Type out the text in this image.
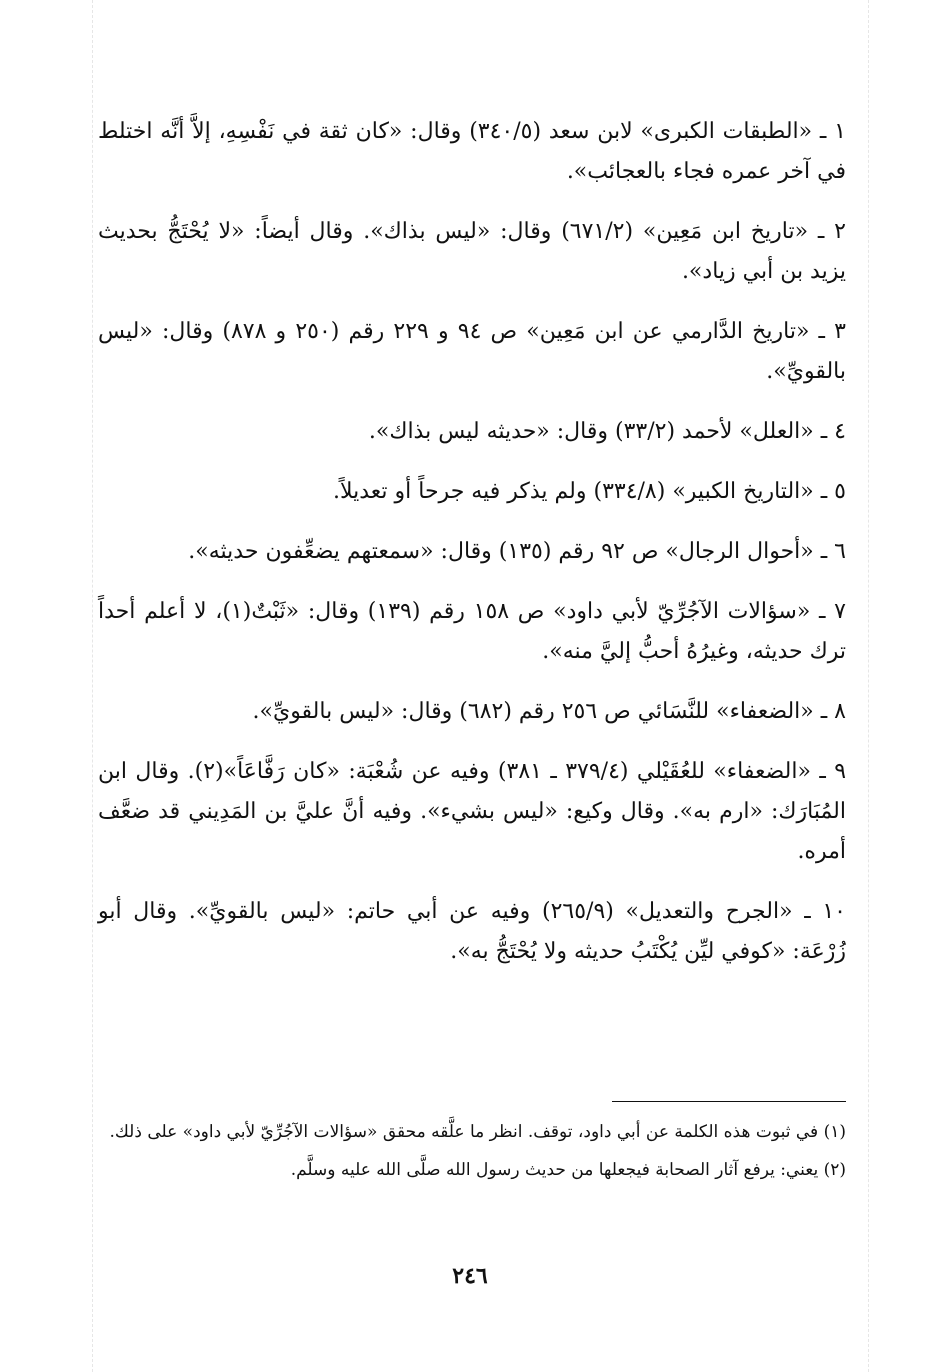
١ ـ «الطبقات الكبرى» لابن سعد (٣٤٠/٥) وقال: «كان ثقة في نَفْسِهِ، إلاَّ أنَّه اختلط في آخر عمره فجاء بالعجائب».

٢ ـ «تاريخ ابن مَعِين» (٦٧١/٢) وقال: «ليس بذاك». وقال أيضاً: «لا يُحْتَجُّ بحديث يزيد بن أبي زياد».

٣ ـ «تاريخ الدَّارمي عن ابن مَعِين» ص ٩٤ و ٢٢٩ رقم (٢٥٠ و ٨٧٨) وقال: «ليس بالقويِّ».

٤ ـ «العلل» لأحمد (٣٣/٢) وقال: «حديثه ليس بذاك».

٥ ـ «التاريخ الكبير» (٣٣٤/٨) ولم يذكر فيه جرحاً أو تعديلاً.

٦ ـ «أحوال الرجال» ص ٩٢ رقم (١٣٥) وقال: «سمعتهم يضعِّفون حديثه».

٧ ـ «سؤالات الآجُرِّيّ لأبي داود» ص ١٥٨ رقم (١٣٩) وقال: «ثَبْتٌ(١)، لا أعلم أحداً ترك حديثه، وغيرُهُ أحبُّ إليَّ منه».

٨ ـ «الضعفاء» للنَّسَائي ص ٢٥٦ رقم (٦٨٢) وقال: «ليس بالقويِّ».

٩ ـ «الضعفاء» للعُقَيْلي (٣٧٩/٤ ـ ٣٨١) وفيه عن شُعْبَة: «كان رَفَّاعَاً»(٢). وقال ابن المُبَارَك: «ارم به». وقال وكيع: «ليس بشيء». وفيه أنَّ عليَّ بن المَدِيني قد ضعَّف أمره.

١٠ ـ «الجرح والتعديل» (٢٦٥/٩) وفيه عن أبي حاتم: «ليس بالقويِّ». وقال أبو زُرْعَة: «كوفي ليِّن يُكْتَبُ حديثه ولا يُحْتَجُّ به».

(١) في ثبوت هذه الكلمة عن أبي داود، توقف. انظر ما علَّقه محقق «سؤالات الآجُرِّيّ لأبي داود» على ذلك.

(٢) يعني: يرفع آثار الصحابة فيجعلها من حديث رسول الله صلَّى الله عليه وسلَّم.

٢٤٦
